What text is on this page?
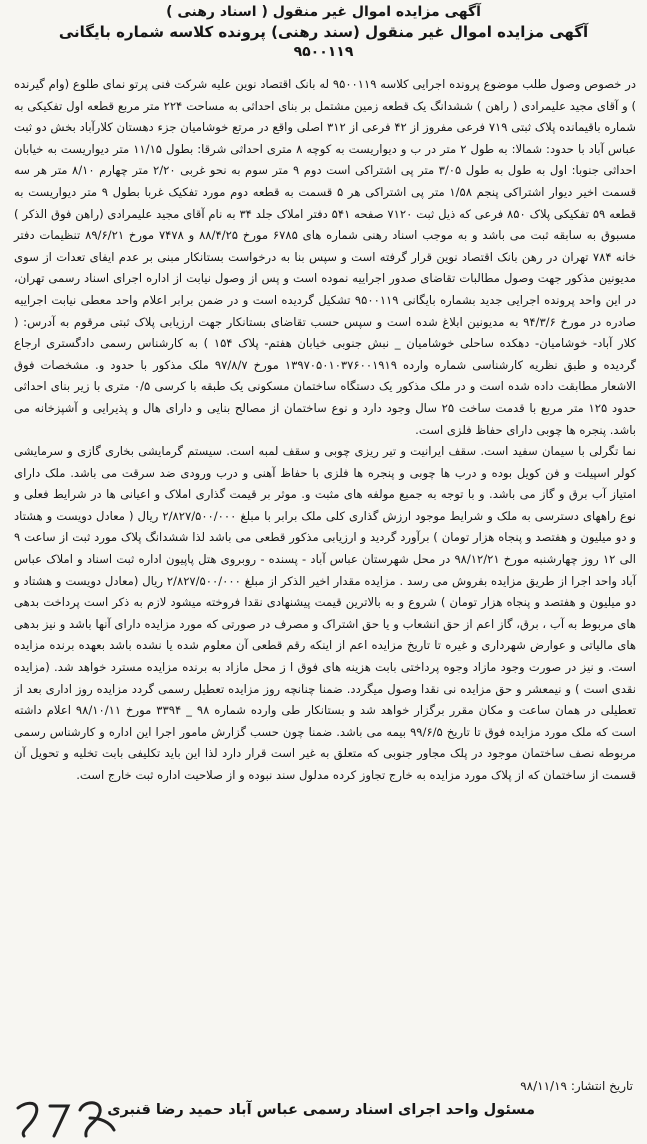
آگهی مزایده اموال غیر منقول ( اسناد رهنی )

آگهی مزایده اموال غیر منقول (سند رهنی) پرونده کلاسه شماره بایگانی

۹۵۰۰۱۱۹

در خصوص وصول طلب موضوع پرونده اجرایی کلاسه ۹۵۰۰۱۱۹ له بانک اقتصاد نوین علیه شرکت فنی پرتو نمای طلوع (وام گیرنده ) و آقای مجید علیمرادی ( راهن ) ششدانگ یک قطعه زمین مشتمل بر بنای احداثی به مساحت ۲۲۴ متر مربع قطعه اول تفکیکی به شماره باقیمانده پلاک ثبتی ۷۱۹ فرعی مفروز از ۴۲ فرعی از ۳۱۲ اصلی واقع در مرتع خوشامیان جزء دهستان کلارآباد بخش دو ثبت عباس آباد با حدود: شمالا: به طول ۲ متر در ب و دیواریست به کوچه ۸ متری احداثی شرقا: بطول ۱۱/۱۵ متر دیواریست به خیابان احداثی جنوبا: اول به طول به طول ۳/۰۵ متر پی اشتراکی است دوم ۹ متر سوم به نحو غربی ۲/۲۰ متر چهارم ۸/۱۰ متر هر سه قسمت اخیر دیوار اشتراکی پنجم ۱/۵۸ متر پی اشتراکی هر ۵ قسمت به قطعه دوم مورد تفکیک غربا بطول ۹ متر دیواریست به قطعه ۵۹ تفکیکی پلاک ۸۵۰ فرعی که ذیل ثبت ۷۱۲۰ صفحه ۵۴۱ دفتر املاک جلد ۳۴ به نام آقای مجید علیمرادی (راهن فوق الذکر ) مسبوق به سابقه ثبت می باشد و به موجب اسناد رهنی شماره های ۶۷۸۵ مورخ ۸۸/۴/۲۵ و ۷۴۷۸ مورخ ۸۹/۶/۲۱ تنظیمات دفتر خانه ۷۸۴ تهران در رهن بانک اقتصاد نوین قرار گرفته است و سپس بنا به درخواست بستانکار مبنی بر عدم ایفای تعدات از سوی مدیونین مذکور جهت وصول مطالبات تقاضای صدور اجراییه نموده است و پس از وصول نیابت از اداره اجرای اسناد رسمی تهران، در این واحد پرونده اجرایی جدید بشماره بایگانی ۹۵۰۰۱۱۹ تشکیل گردیده است و در ضمن برابر اعلام واحد معطی نیابت اجراییه صادره در مورخ ۹۴/۳/۶ به مدیونین ابلاغ شده است و سپس حسب تقاضای بستانکار جهت ارزیابی پلاک ثبتی مرقوم به آدرس: ( کلار آباد- خوشامیان- دهکده ساحلی خوشامیان _ نبش جنوبی خیابان هفتم- پلاک ۱۵۴ ) به کارشناس رسمی دادگستری ارجاع گردیده و طبق نظریه کارشناسی شماره وارده ۱۳۹۷۰۵۰۱۰۳۷۶۰۰۱۹۱۹ مورخ ۹۷/۸/۷ ملک مذکور با حدود و. مشخصات فوق الاشعار مطابقت داده شده است و در ملک مذکور یک دستگاه ساختمان مسکونی یک طبقه با کرسی ۰/۵ متری با زیر بنای احداثی حدود ۱۲۵ متر مربع با قدمت ساخت ۲۵ سال وجود دارد و نوع ساختمان از مصالح بنایی و دارای هال و پذیرایی و آشپزخانه می باشد. پنجره ها چوبی دارای حفاظ فلزی است.

نما تگرلی با سیمان سفید است. سقف ایرانیت و تیر ریزی چوبی و سقف لمبه است. سیستم گرمایشی بخاری گازی و سرمایشی کولر اسپیلت و فن کویل بوده و درب ها چوبی و پنجره ها فلزی با حفاظ آهنی و درب ورودی ضد سرقت می باشد. ملک دارای امتیاز آب برق و گاز می باشد. و با توجه به جمیع مولفه های مثبت و. موثر بر قیمت گذاری املاک و اعیانی ها در شرایط فعلی و نوع راههای دسترسی به ملک و شرایط موجود ارزش گذاری کلی ملک برابر با مبلغ ۲/۸۲۷/۵۰۰/۰۰۰ ریال ( معادل دویست و هشتاد و دو میلیون و هفتصد و پنجاه هزار تومان ) برآورد گردید و ارزیابی مذکور قطعی می باشد لذا ششدانگ پلاک مورد ثبت از ساعت ۹ الی ۱۲ روز چهارشنبه مورخ ۹۸/۱۲/۲۱ در محل شهرستان عباس آباد - پسنده - روبروی هتل پاپیون اداره ثبت اسناد و املاک عباس آباد واحد اجرا از طریق مزایده بفروش می رسد . مزایده مقدار اخیر الذکر از مبلغ ۲/۸۲۷/۵۰۰/۰۰۰ ریال (معادل دویست و هشتاد و دو میلیون و هفتصد و پنجاه هزار تومان ) شروع و به بالاترین قیمت پیشنهادی نقدا فروخته میشود لازم به ذکر است پرداخت بدهی های مربوط به آب ، برق، گاز اعم از حق انشعاب و یا حق اشتراک و مصرف در صورتی که مورد مزایده دارای آنها باشد و نیز بدهی های مالیاتی و عوارض شهرداری و غیره تا تاریخ مزایده اعم از اینکه رقم قطعی آن معلوم شده یا نشده باشد بعهده برنده مزایده است. و نیز در صورت وجود مازاد وجوه پرداختی بابت هزینه های فوق ا ز محل مازاد به برنده مزایده مسترد خواهد شد. (مزایده نقدی است ) و نیمعشر و حق مزایده نی نقدا وصول میگردد. ضمنا چنانچه روز مزایده تعطیل رسمی گردد مزایده روز اداری بعد از تعطیلی در همان ساعت و مکان مقرر برگزار خواهد شد و بستانکار طی وارده شماره ۹۸ _ ۳۳۹۴ مورخ ۹۸/۱۰/۱۱ اعلام داشته است که ملک مورد مزایده فوق تا تاریخ ۹۹/۶/۵ بیمه می باشد. ضمنا چون حسب گزارش مامور اجرا این اداره و کارشناس رسمی مربوطه نصف ساختمان موجود در پلک مجاور جنوبی که متعلق به غیر است قرار دارد لذا این باید تکلیفی بابت تخلیه و تحویل آن قسمت از ساختمان که از پلاک مورد مزایده به خارج تجاوز کرده مدلول سند نبوده و از صلاحیت اداره ثبت خارج است.

تاریخ انتشار: ۹۸/۱۱/۱۹
مسئول واحد اجرای اسناد رسمی عباس آباد حمید رضا قنبری
